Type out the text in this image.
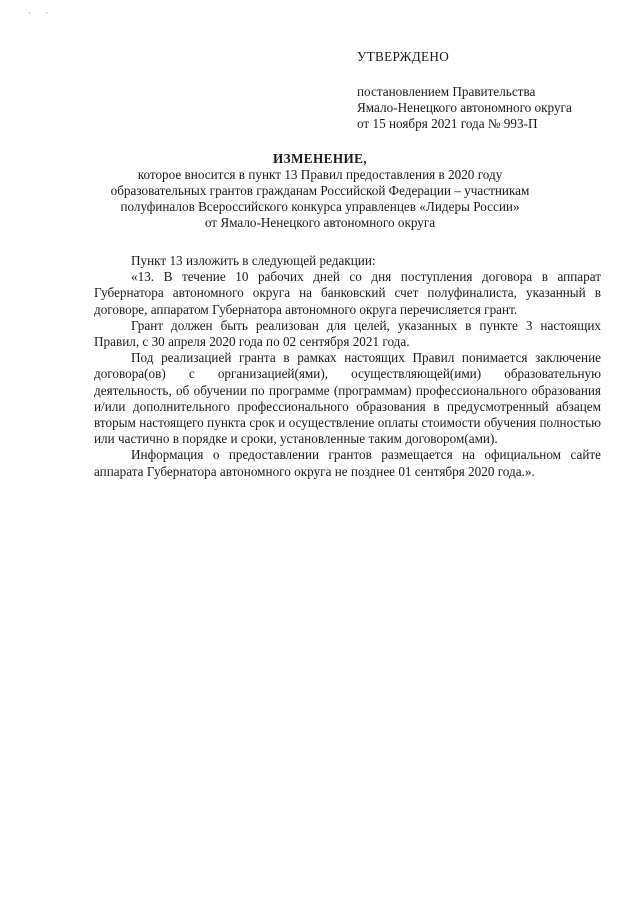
· ·
УТВЕРЖДЕНО
постановлением Правительства
Ямало-Ненецкого автономного округа
от 15 ноября 2021 года № 993-П
ИЗМЕНЕНИЕ,
которое вносится в пункт 13 Правил предоставления в 2020 году
образовательных грантов гражданам Российской Федерации – участникам
полуфиналов Всероссийского конкурса управленцев «Лидеры России»
от Ямало-Ненецкого автономного округа

Пункт 13 изложить в следующей редакции:

«13. В течение 10 рабочих дней со дня поступления договора в аппарат Губернатора автономного округа на банковский счет полуфиналиста, указанный в договоре, аппаратом Губернатора автономного округа перечисляется грант.

Грант должен быть реализован для целей, указанных в пункте 3 настоящих Правил, с 30 апреля 2020 года по 02 сентября 2021 года.

Под реализацией гранта в рамках настоящих Правил понимается заключение договора(ов) с организацией(ями), осуществляющей(ими) образовательную деятельность, об обучении по программе (программам) профессионального образования и/или дополнительного профессионального образования в предусмотренный абзацем вторым настоящего пункта срок и осуществление оплаты стоимости обучения полностью или частично в порядке и сроки, установленные таким договором(ами).

Информация о предоставлении грантов размещается на официальном сайте аппарата Губернатора автономного округа не позднее 01 сентября 2020 года.».
